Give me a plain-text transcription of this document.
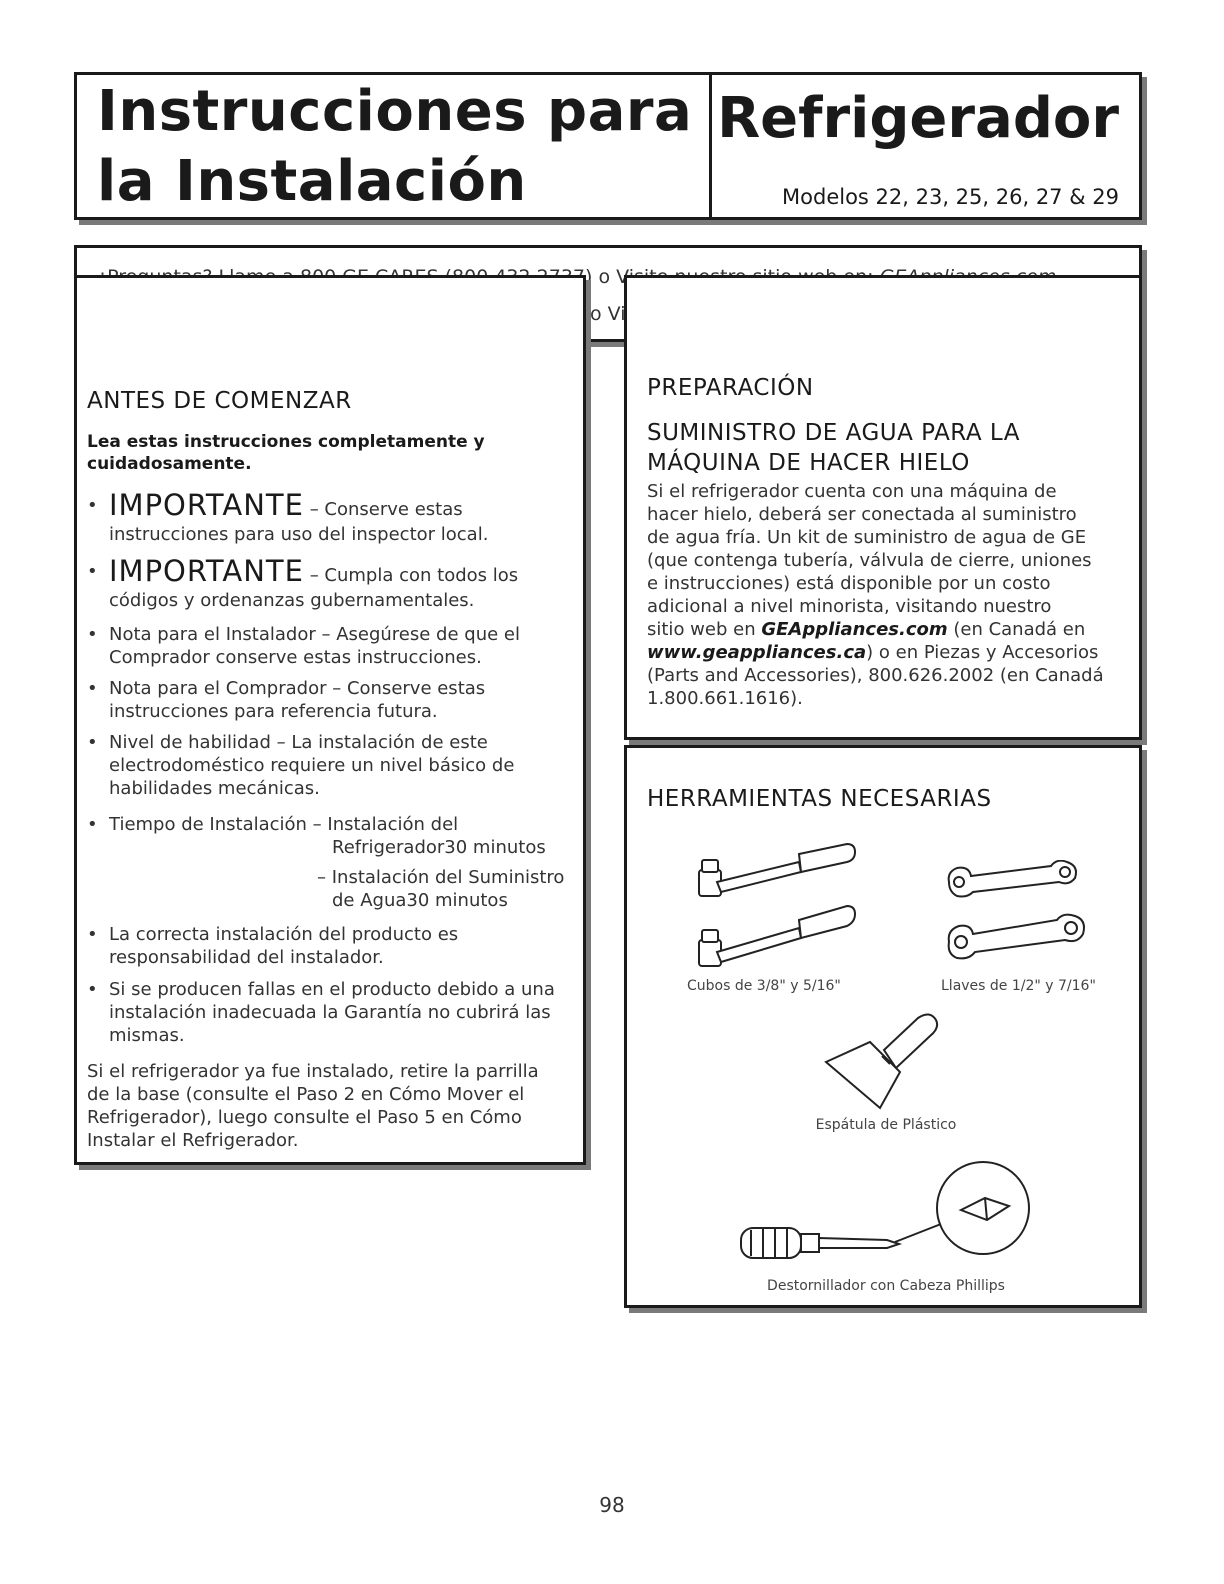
Instrucciones para
la Instalación
Refrigerador
Modelos 22, 23, 25, 26, 27 & 29
o
o
ANTES DE COMENZAR
Lea estas instrucciones completamente y
cuidadosamente.
• IMPORTANTE – Conserve estas
instrucciones para uso del inspector local.
• IMPORTANTE – Cumpla con todos los
códigos y ordenanzas gubernamentales.
• Nota para el Instalador – Asegúrese de que el
Comprador conserve estas instrucciones.
• Nota para el Comprador – Conserve estas
instrucciones para referencia futura.
• Nivel de habilidad – La instalación de este
electrodoméstico requiere un nivel básico de
habilidades mecánicas.
• Tiempo de Instalación – Instalación del
Refrigerador30 minutos
– Instalación del Suministro
de Agua30 minutos
• La correcta instalación del producto es
responsabilidad del instalador.
• Si se producen fallas en el producto debido a una
instalación inadecuada la Garantía no cubrirá las
mismas.
Si el refrigerador ya fue instalado, retire la parrilla
de la base (consulte el Paso 2 en Cómo Mover el
Refrigerador), luego consulte el Paso 5 en Cómo
Instalar el Refrigerador.
PREPARACIÓN
SUMINISTRO DE AGUA PARA LA
MÁQUINA DE HACER HIELO
Si el refrigerador cuenta con una máquina de
hacer hielo, deberá ser conectada al suministro
de agua fría. Un kit de suministro de agua de GE
(que contenga tubería, válvula de cierre, uniones
e instrucciones) está disponible por un costo
adicional a nivel minorista, visitando nuestro
sitio web en GEAppliances.com (en Canadá en
www.geappliances.ca) o en Piezas y Accesorios
(Parts and Accessories), 800.626.2002 (en Canadá
1.800.661.1616).
HERRAMIENTAS NECESARIAS
Cubos de 3/8" y 5/16"	Llaves de 1/2" y 7/16"
Espátula de Plástico
Destornillador con Cabeza Phillips
98
